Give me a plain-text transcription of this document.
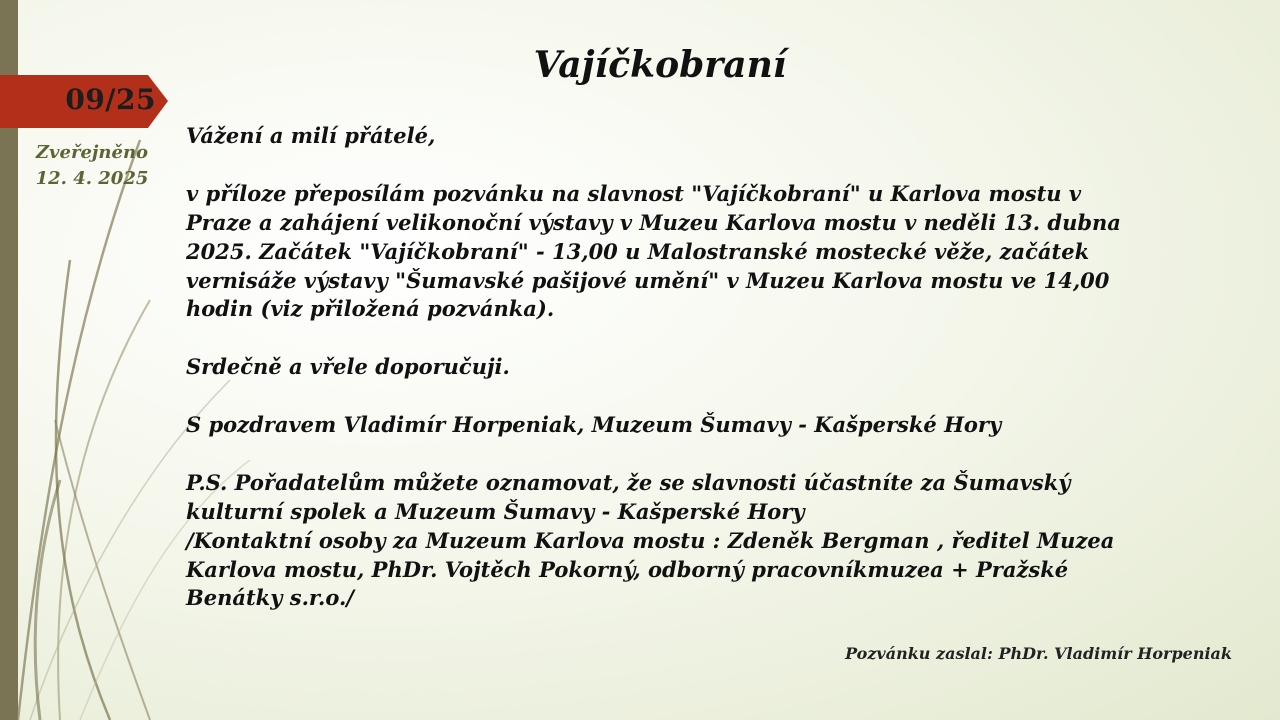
09/25
Zveřejněno
12. 4. 2025
Vajíčkobraní

Vážení a milí přátelé,

v příloze přeposílám pozvánku na slavnost "Vajíčkobraní" u Karlova mostu v

Praze a zahájení velikonoční výstavy v Muzeu Karlova mostu v neděli 13. dubna

2025. Začátek "Vajíčkobraní" - 13,00 u Malostranské mostecké věže, začátek

vernisáže výstavy "Šumavské pašijové umění" v Muzeu Karlova mostu ve 14,00

hodin (viz přiložená pozvánka).

Srdečně a vřele doporučuji.

S pozdravem Vladimír Horpeniak, Muzeum Šumavy - Kašperské Hory

P.S. Pořadatelům můžete oznamovat, že se slavnosti účastníte za Šumavský

kulturní spolek a Muzeum Šumavy - Kašperské Hory

/Kontaktní osoby za Muzeum Karlova mostu : Zdeněk Bergman , ředitel Muzea

Karlova mostu, PhDr. Vojtěch Pokorný, odborný pracovníkmuzea + Pražské

Benátky s.r.o./

Pozvánku zaslal: PhDr. Vladimír Horpeniak
